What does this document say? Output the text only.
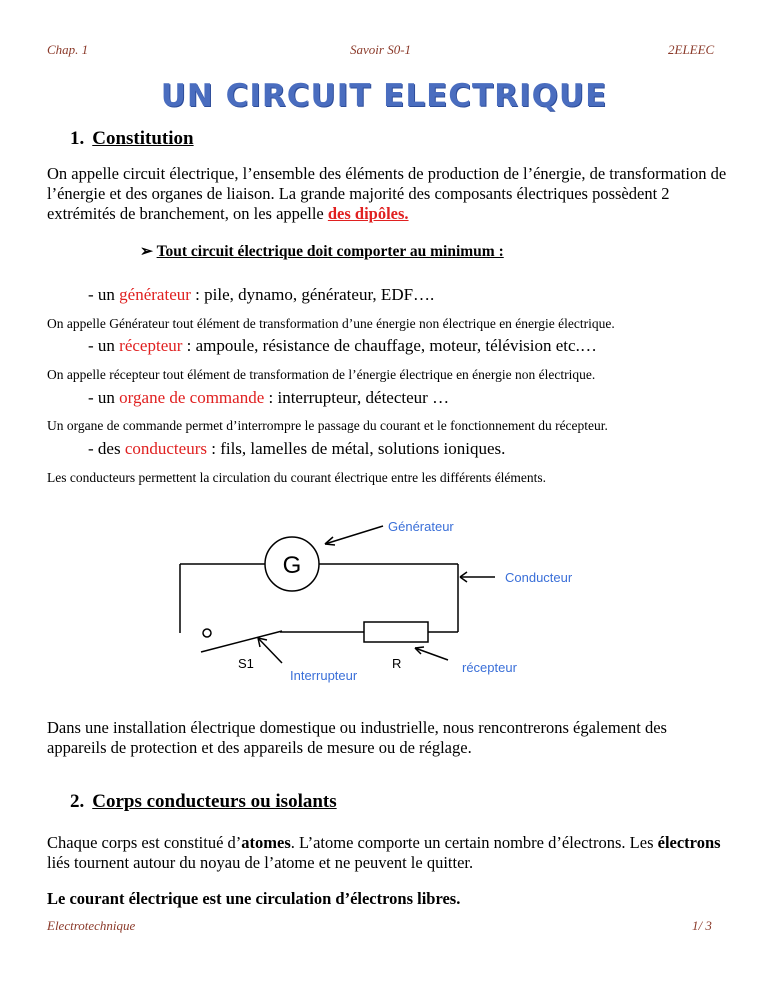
Chap. 1	Savoir S0-1	2ELEEC
UN CIRCUIT ELECTRIQUE
1. Constitution
On appelle circuit électrique, l’ensemble des éléments de production de l’énergie, de transformation de l’énergie et des organes de liaison. La grande majorité des composants électriques possèdent 2 extrémités de branchement, on les appelle des dipôles.
➢ Tout circuit électrique doit comporter au minimum :
- un générateur : pile, dynamo, générateur, EDF….
On appelle Générateur tout élément de transformation d’une énergie non électrique en énergie électrique.
- un récepteur : ampoule, résistance de chauffage, moteur, télévision etc.…
On appelle récepteur tout élément de transformation de l’énergie électrique en énergie non électrique.
- un organe de commande : interrupteur, détecteur …
Un organe de commande permet d’interrompre le passage du courant et le fonctionnement du récepteur.
- des conducteurs : fils, lamelles de métal, solutions ioniques.
Les conducteurs permettent la circulation du courant électrique entre les différents éléments.
G
Générateur
Conducteur
S1
Interrupteur
R	récepteur
Dans une installation électrique domestique ou industrielle, nous rencontrerons également des appareils de protection et des appareils de mesure ou de réglage.
2. Corps conducteurs ou isolants
Chaque corps est constitué d’atomes. L’atome comporte un certain nombre d’électrons. Les électrons liés tournent autour du noyau de l’atome et ne peuvent le quitter.
Le courant électrique est une circulation d’électrons libres.
Electrotechnique	1/ 3
